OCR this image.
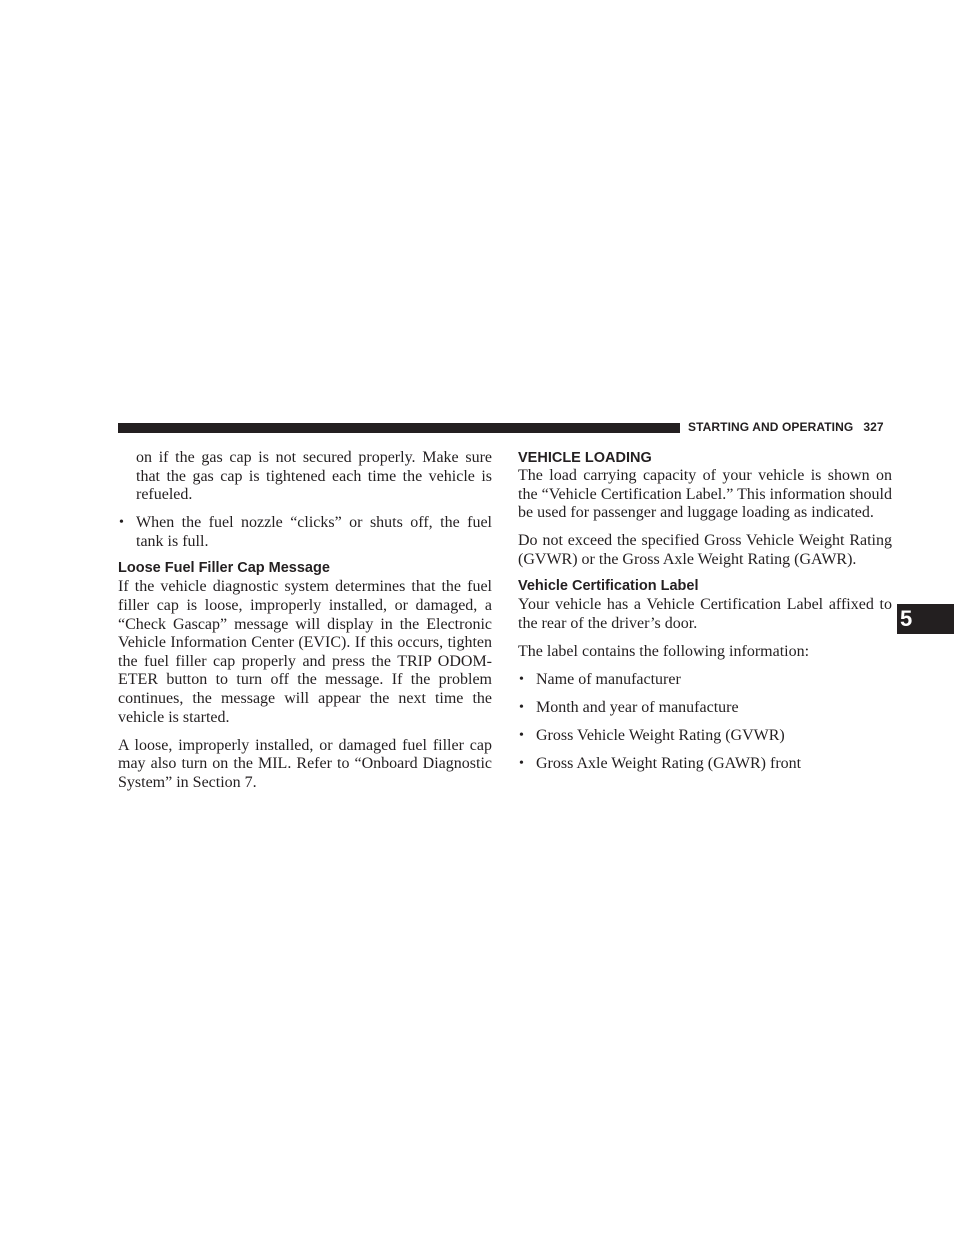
STARTING AND OPERATING 327
5

on if the gas cap is not secured properly. Make sure that the gas cap is tightened each time the vehicle is refueled.

• When the fuel nozzle “clicks” or shuts off, the fuel tank is full.

Loose Fuel Filler Cap Message

If the vehicle diagnostic system determines that the fuel filler cap is loose, improperly installed, or damaged, a “Check Gascap” message will display in the Electronic Vehicle Information Center (EVIC). If this occurs, tighten the fuel filler cap properly and press the TRIP ODOM-ETER button to turn off the message. If the problem continues, the message will appear the next time the vehicle is started.

A loose, improperly installed, or damaged fuel filler cap may also turn on the MIL. Refer to “Onboard Diagnostic System” in Section 7.

VEHICLE LOADING

The load carrying capacity of your vehicle is shown on the “Vehicle Certification Label.” This information should be used for passenger and luggage loading as indicated.

Do not exceed the specified Gross Vehicle Weight Rating (GVWR) or the Gross Axle Weight Rating (GAWR).

Vehicle Certification Label

Your vehicle has a Vehicle Certification Label affixed to the rear of the driver’s door.

The label contains the following information:

• Name of manufacturer

• Month and year of manufacture

• Gross Vehicle Weight Rating (GVWR)

• Gross Axle Weight Rating (GAWR) front
